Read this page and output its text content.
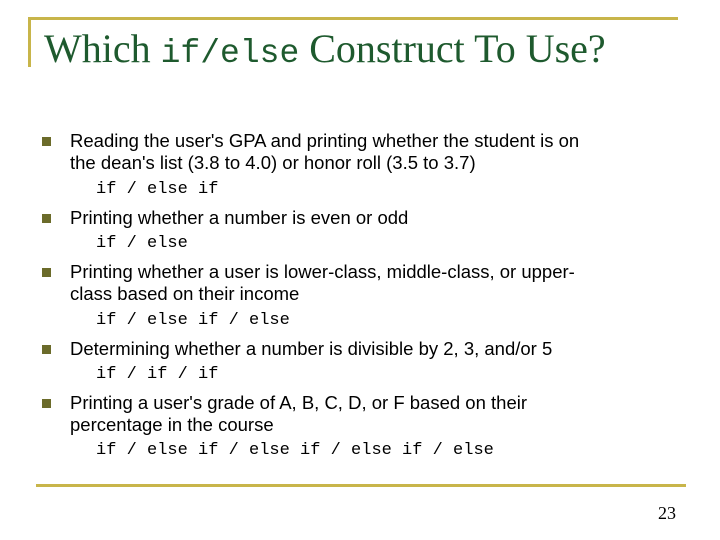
Which if/else Construct To Use?
Reading the user's GPA and printing whether the student is on
the dean's list (3.8 to 4.0) or honor roll (3.5 to 3.7)
if / else if
Printing whether a number is even or odd
if / else
Printing whether a user is lower-class, middle-class, or upper-
class based on their income
if / else if / else
Determining whether a number is divisible by 2, 3, and/or 5
if / if / if
Printing a user's grade of A, B, C, D, or F based on their
percentage in the course
if / else if / else if / else if / else
23
